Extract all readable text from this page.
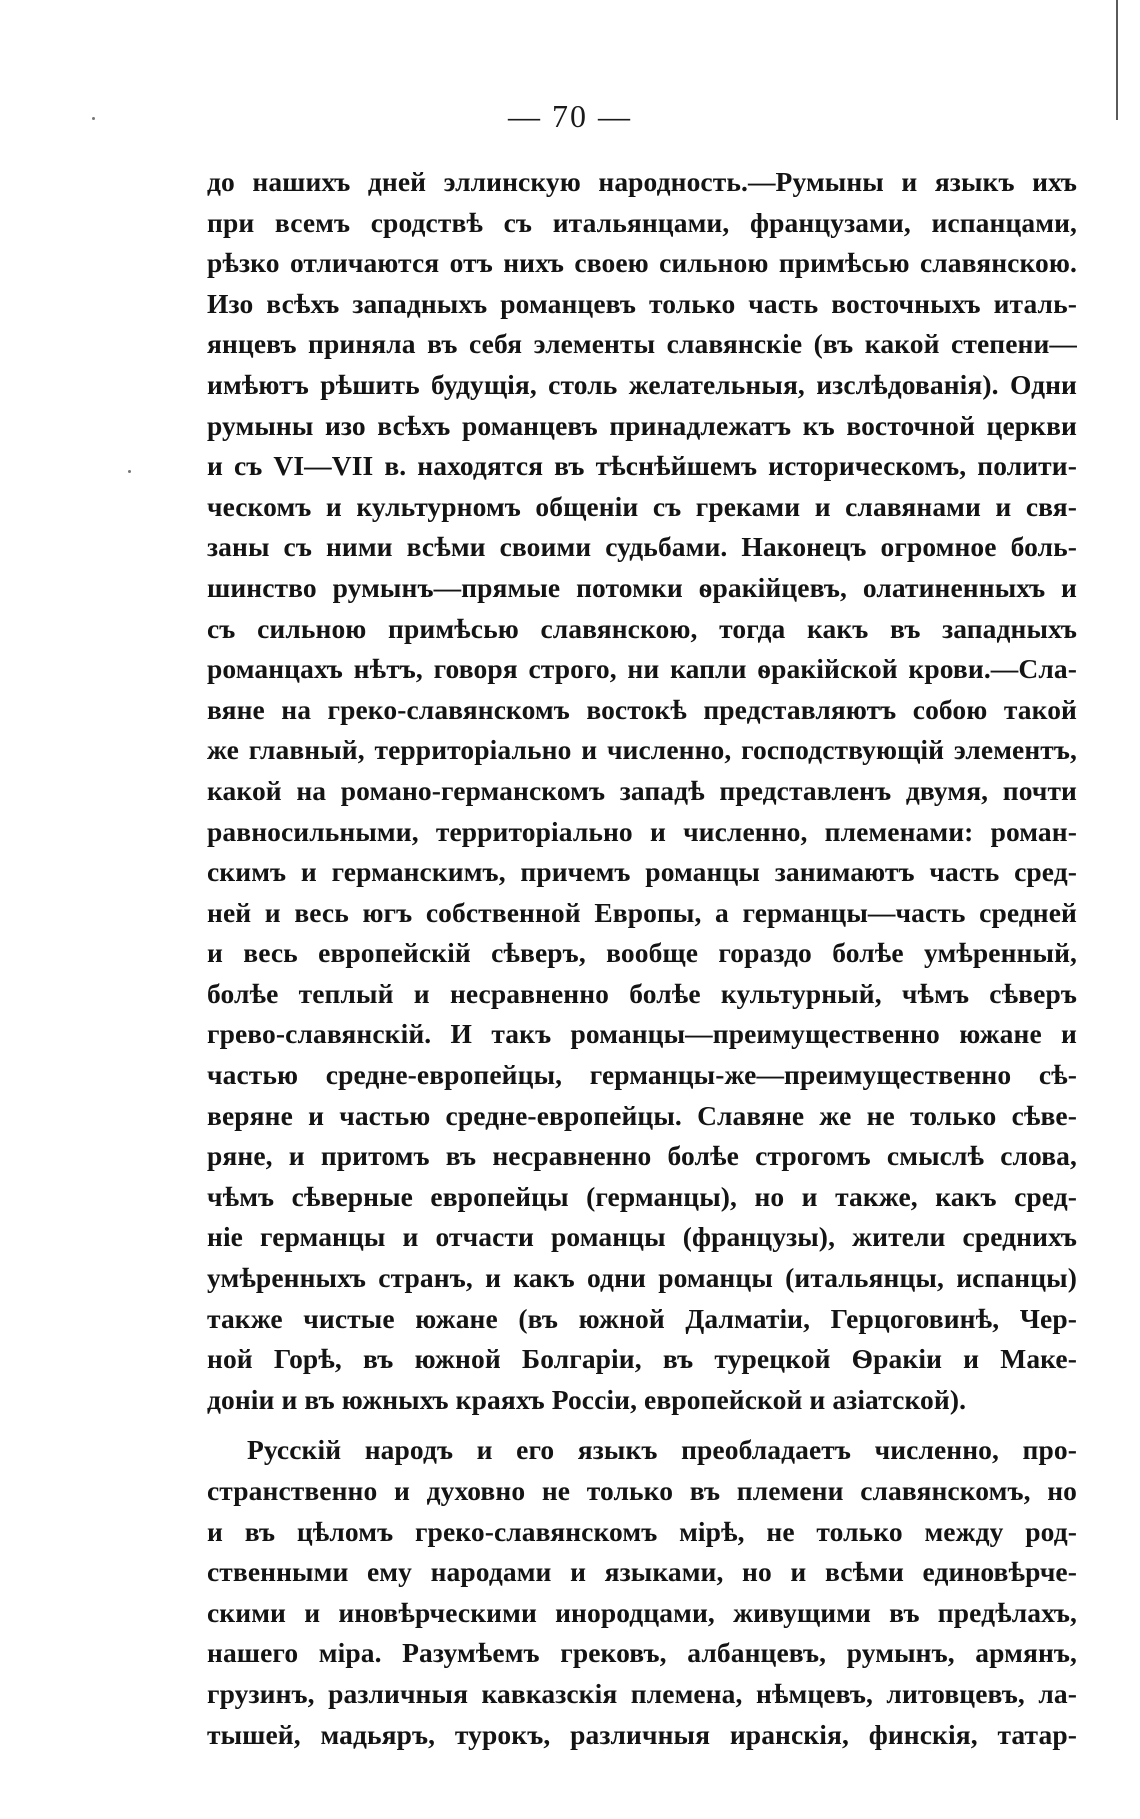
— 70 —
до нашихъ дней эллинскую народность.—Румыны и языкъ ихъ
при всемъ сродствѣ съ итальянцами, французами, испанцами,
рѣзко отличаются отъ нихъ своею сильною примѣсью славянскою.
Изо всѣхъ западныхъ романцевъ только часть восточныхъ италь-
янцевъ приняла въ себя элементы славянскіе (въ какой степени—
имѣютъ рѣшить будущія, столь желательныя, изслѣдованія). Одни
румыны изо всѣхъ романцевъ принадлежатъ къ восточной церкви
и съ VI—VII в. находятся въ тѣснѣйшемъ историческомъ, полити-
ческомъ и культурномъ общеніи съ греками и славянами и свя-
заны съ ними всѣми своими судьбами. Наконецъ огромное боль-
шинство румынъ—прямые потомки ѳракійцевъ, олатиненныхъ и
съ сильною примѣсью славянскою, тогда какъ въ западныхъ
романцахъ нѣтъ, говоря строго, ни капли ѳракійской крови.—Сла-
вяне на греко-славянскомъ востокѣ представляютъ собою такой
же главный, территоріально и численно, господствующій элементъ,
какой на романо-германскомъ западѣ представленъ двумя, почти
равносильными, территоріально и численно, племенами: роман-
скимъ и германскимъ, причемъ романцы занимаютъ часть сред-
ней и весь югъ собственной Европы, а германцы—часть средней
и весь европейскій сѣверъ, вообще гораздо болѣе умѣренный,
болѣе теплый и несравненно болѣе культурный, чѣмъ сѣверъ
грево-славянскій. И такъ романцы—преимущественно южане и
частью средне-европейцы, германцы-же—преимущественно сѣ-
веряне и частью средне-европейцы. Славяне же не только сѣве-
ряне, и притомъ въ несравненно болѣе строгомъ смыслѣ слова,
чѣмъ сѣверные европейцы (германцы), но и также, какъ сред-
ніе германцы и отчасти романцы (французы), жители среднихъ
умѣренныхъ странъ, и какъ одни романцы (итальянцы, испанцы)
также чистые южане (въ южной Далматіи, Герцоговинѣ, Чер-
ной Горѣ, въ южной Болгаріи, въ турецкой Ѳракіи и Маке-
доніи и въ южныхъ краяхъ Россіи, европейской и азіатской).
Русскій народъ и его языкъ преобладаетъ численно, про-
странственно и духовно не только въ племени славянскомъ, но
и въ цѣломъ греко-славянскомъ мірѣ, не только между род-
ственными ему народами и языками, но и всѣми единовѣрче-
скими и иновѣрческими инородцами, живущими въ предѣлахъ,
нашего міра. Разумѣемъ грековъ, албанцевъ, румынъ, армянъ,
грузинъ, различныя кавказскія племена, нѣмцевъ, литовцевъ, ла-
тышей, мадьяръ, турокъ, различныя иранскія, финскія, татар-
